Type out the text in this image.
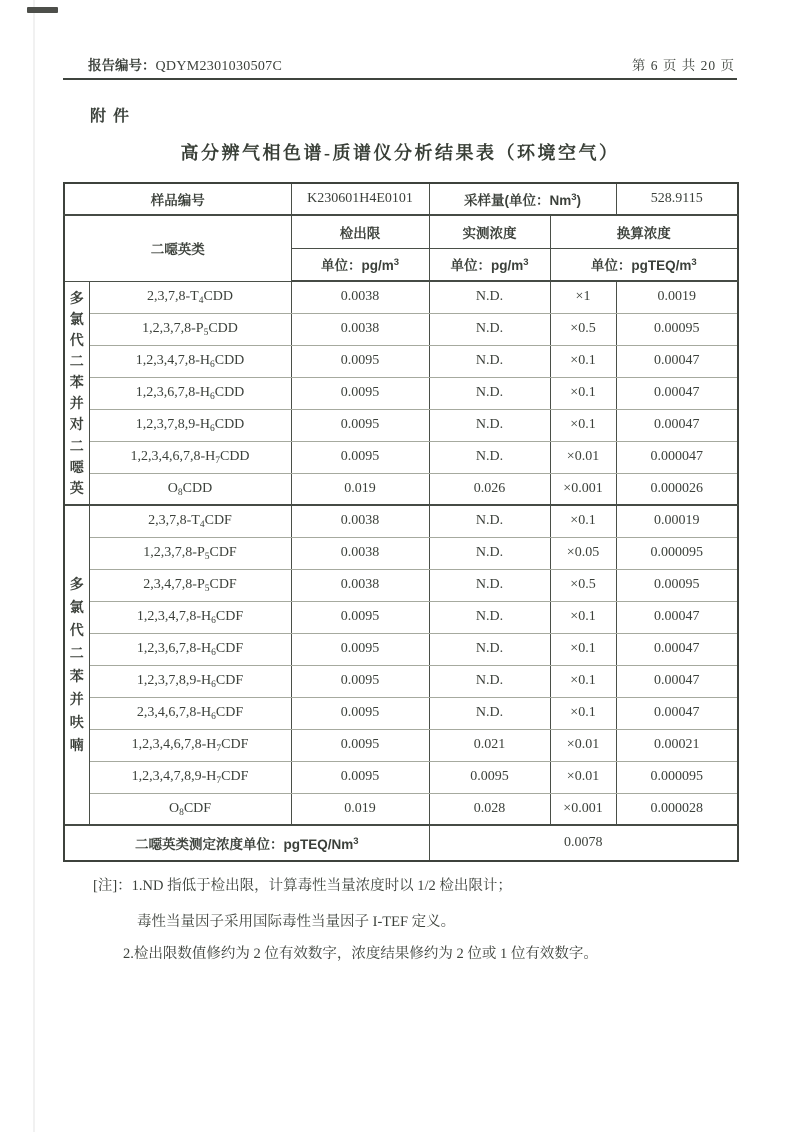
报告编号：QDYM2301030507C	第 6 页 共 20 页
附件
高分辨气相色谱-质谱仪分析结果表（环境空气）
样品编号		K230601H4E0101	采样量(单位：Nm$^3$)		528.9115
二噁英类		检出限	实测浓度	换算浓度	
		单位：$pg/m^3$	单位：$pg/m^3$	单位：pgTEQ/$m^3$

多
氯
代
二
苯
并
对
二
噁
英
	$2,3,7,8-T_4CDD$	0.0038	N.D.	×1	0.0019
	$1,2,3,7,8-P_5CDD$	0.0038	N.D.	×0.5	0.00095
	$1,2,3,4,7,8-H_6CDD$	0.0095	N.D.	×0.1	0.00047
	$1,2,3,6,7,8-H_6CDD$	0.0095	N.D.	×0.1	0.00047
	$1,2,3,7,8,9-H_6CDD$	0.0095	N.D.	×0.1	0.00047
	$1,2,3,4,6,7,8-H_7CDD$	0.0095	N.D.	×0.01	0.000047
	$O_8CDD$	0.019	0.026	×0.001	0.000026

多
氯
代
二
苯
并
呋
喃
	$2,3,7,8-T_4CDF$	0.0038	N.D.	×0.1	0.00019
	$1,2,3,7,8-P_5CDF$	0.0038	N.D.	×0.05	0.000095
	$2,3,4,7,8-P_5CDF$	0.0038	N.D.	×0.5	0.00095
	$1,2,3,4,7,8-H_6CDF$	0.0095	N.D.	×0.1	0.00047
	$1,2,3,6,7,8-H_6CDF$	0.0095	N.D.	×0.1	0.00047
	$1,2,3,7,8,9-H_6CDF$	0.0095	N.D.	×0.1	0.00047
	$2,3,4,6,7,8-H_6CDF$	0.0095	N.D.	×0.1	0.00047
	$1,2,3,4,6,7,8-H_7CDF$	0.0095	0.021	×0.01	0.00021
	$1,2,3,4,7,8,9-H_7CDF$	0.0095	0.0095	×0.01	0.000095
	$O_8CDF$	0.019	0.028	×0.001	0.000028
二噁英类测定浓度单位：pgTEQ/Nm$^3$			0.0078		
[注]：1.ND 指低于检出限，计算毒性当量浓度时以 1/2 检出限计；
毒性当量因子采用国际毒性当量因子 I-TEF 定义。
2.检出限数值修约为 2 位有效数字，浓度结果修约为 2 位或 1 位有效数字。
